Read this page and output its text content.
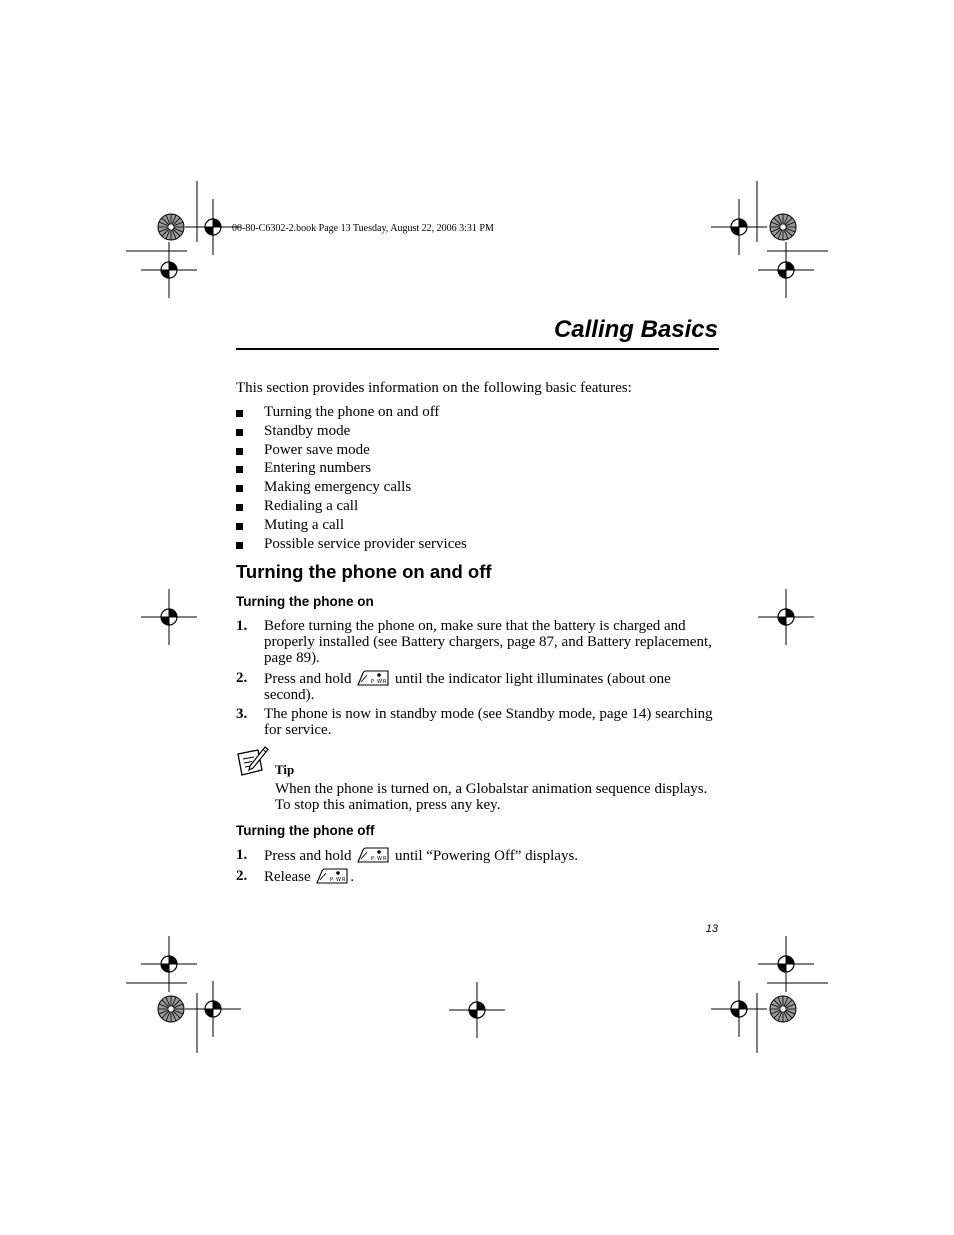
00-80-C6302-2.book Page 13 Tuesday, August 22, 2006 3:31 PM
Calling Basics
This section provides information on the following basic features:
Turning the phone on and off
Standby mode
Power save mode
Entering numbers
Making emergency calls
Redialing a call
Muting a call
Possible service provider services
Turning the phone on and off
Turning the phone on
1. Before turning the phone on, make sure that the battery is charged and properly installed (see Battery chargers, page 87, and Battery replacement, page 89).
2. Press and hold	P W R until the indicator light illuminates (about one second).
3. The phone is now in standby mode (see Standby mode, page 14) searching for service.
Tip
When the phone is turned on, a Globalstar animation sequence displays. To stop this animation, press any key.
Turning the phone off
1. Press and hold	P W R until “Powering Off” displays.
2. Release	P W R .
13
